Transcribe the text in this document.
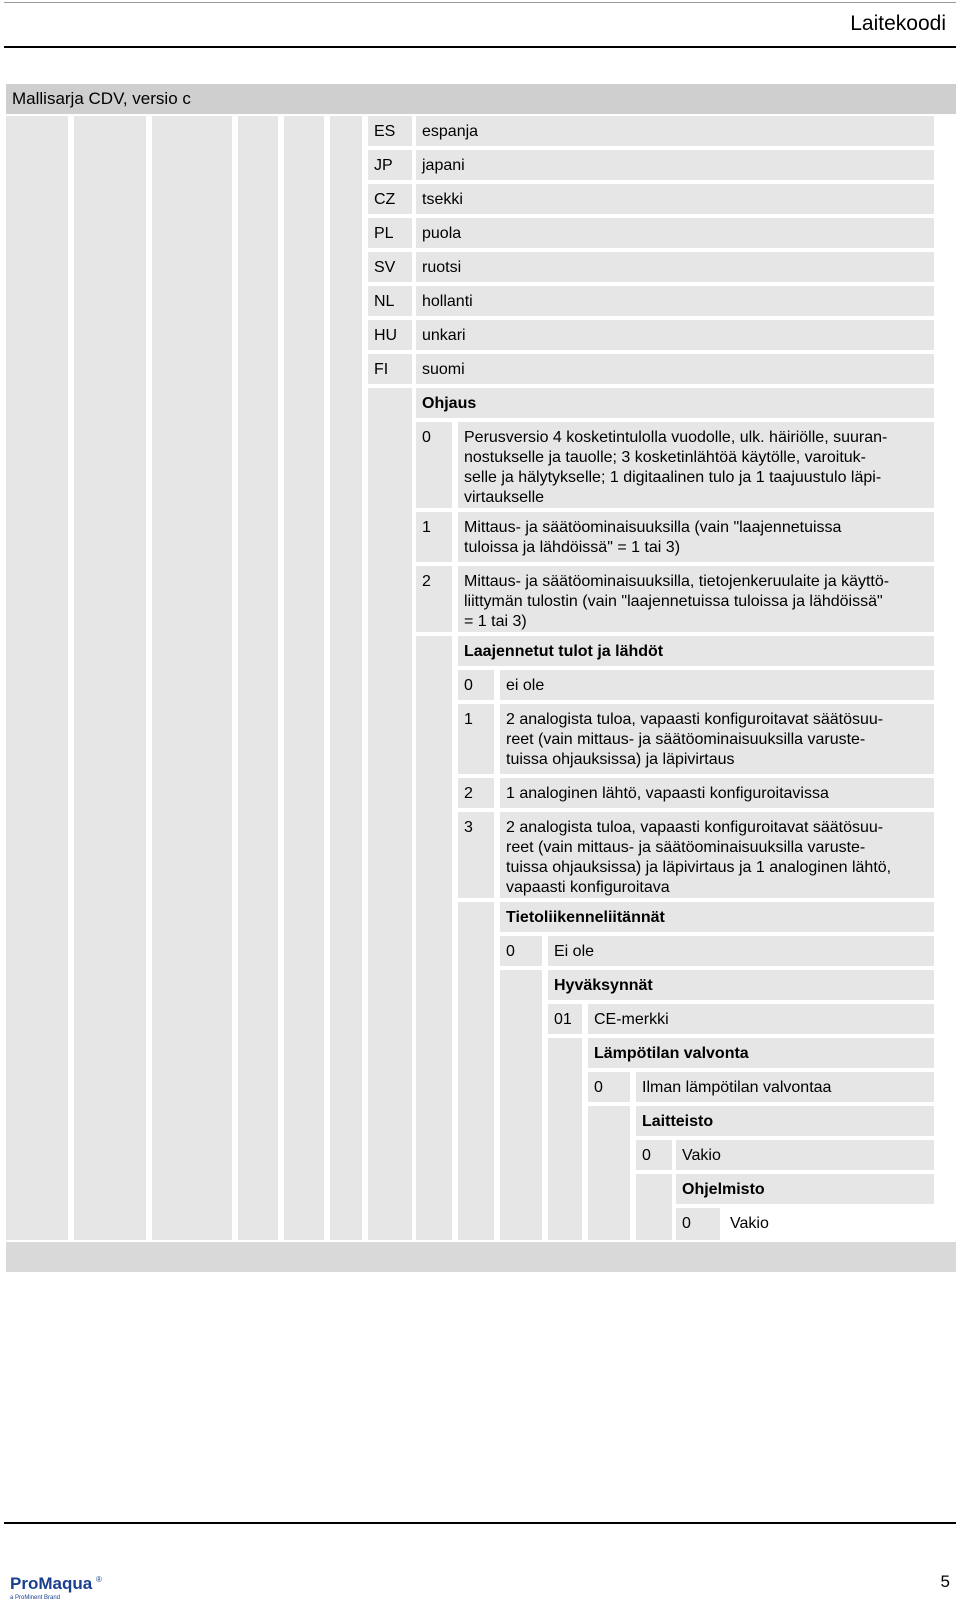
Laitekoodi
Mallisarja CDV, versio c
ES	espanja
JP	japani
CZ	tsekki
PL	puola
SV	ruotsi
NL	hollanti
HU	unkari
FI	suomi
Ohjaus
0	Perusversio 4 kosketintulolla vuodolle, ulk. häiriölle, suuran-
nostukselle ja tauolle; 3 kosketinlähtöä käytölle, varoituk-
selle ja hälytykselle; 1 digitaalinen tulo ja 1 taajuustulo läpi-
virtaukselle
1	Mittaus- ja säätöominaisuuksilla (vain "laajennetuissa
tuloissa ja lähdöissä" = 1 tai 3)
2	Mittaus- ja säätöominaisuuksilla, tietojenkeruulaite ja käyttö-
liittymän tulostin (vain "laajennetuissa tuloissa ja lähdöissä"
= 1 tai 3)
Laajennetut tulot ja lähdöt
0	ei ole
1	2 analogista tuloa, vapaasti konfiguroitavat säätösuu-
reet (vain mittaus- ja säätöominaisuuksilla varuste-
tuissa ohjauksissa) ja läpivirtaus
2	1 analoginen lähtö, vapaasti konfiguroitavissa
3	2 analogista tuloa, vapaasti konfiguroitavat säätösuu-
reet (vain mittaus- ja säätöominaisuuksilla varuste-
tuissa ohjauksissa) ja läpivirtaus ja 1 analoginen lähtö,
vapaasti konfiguroitava
Tietoliikenneliitännät
0	Ei ole
Hyväksynnät
01	CE-merkki
Lämpötilan valvonta
0	Ilman lämpötilan valvontaa
Laitteisto
0	Vakio
Ohjelmisto
0	Vakio
ProMaqua ®
a ProMinent Brand
5
